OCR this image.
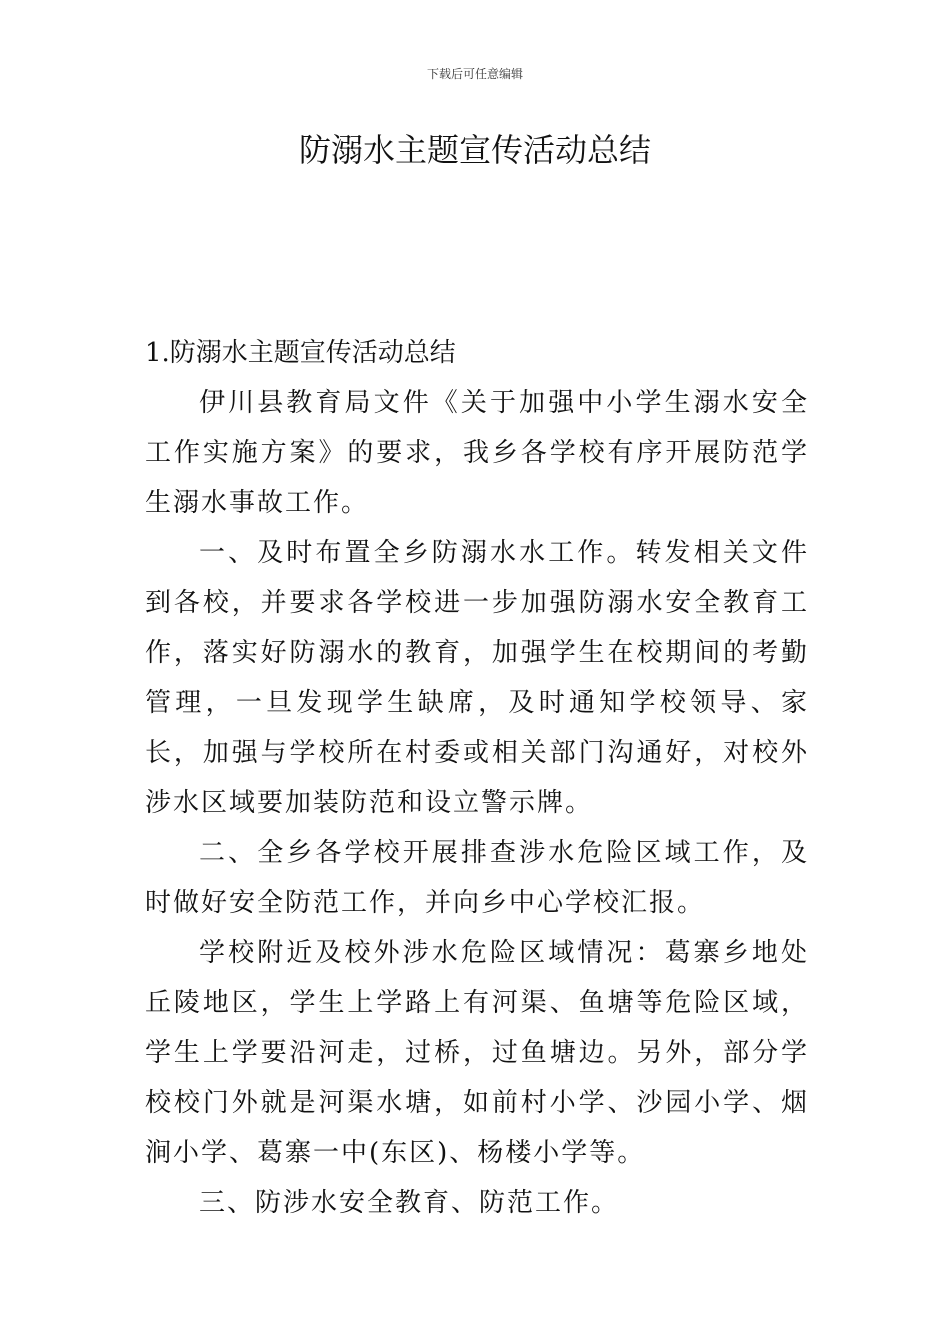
下载后可任意编辑
防溺水主题宣传活动总结

1.防溺水主题宣传活动总结

伊川县教育局文件《关于加强中小学生溺水安全工作实施方案》的要求，我乡各学校有序开展防范学生溺水事故工作。

一、及时布置全乡防溺水水工作。转发相关文件到各校，并要求各学校进一步加强防溺水安全教育工作，落实好防溺水的教育，加强学生在校期间的考勤管理，一旦发现学生缺席，及时通知学校领导、家长，加强与学校所在村委或相关部门沟通好，对校外涉水区域要加装防范和设立警示牌。

二、全乡各学校开展排查涉水危险区域工作，及时做好安全防范工作，并向乡中心学校汇报。

学校附近及校外涉水危险区域情况：葛寨乡地处丘陵地区，学生上学路上有河渠、鱼塘等危险区域，学生上学要沿河走，过桥，过鱼塘边。另外，部分学校校门外就是河渠水塘，如前村小学、沙园小学、烟涧小学、葛寨一中(东区)、杨楼小学等。

三、防涉水安全教育、防范工作。
